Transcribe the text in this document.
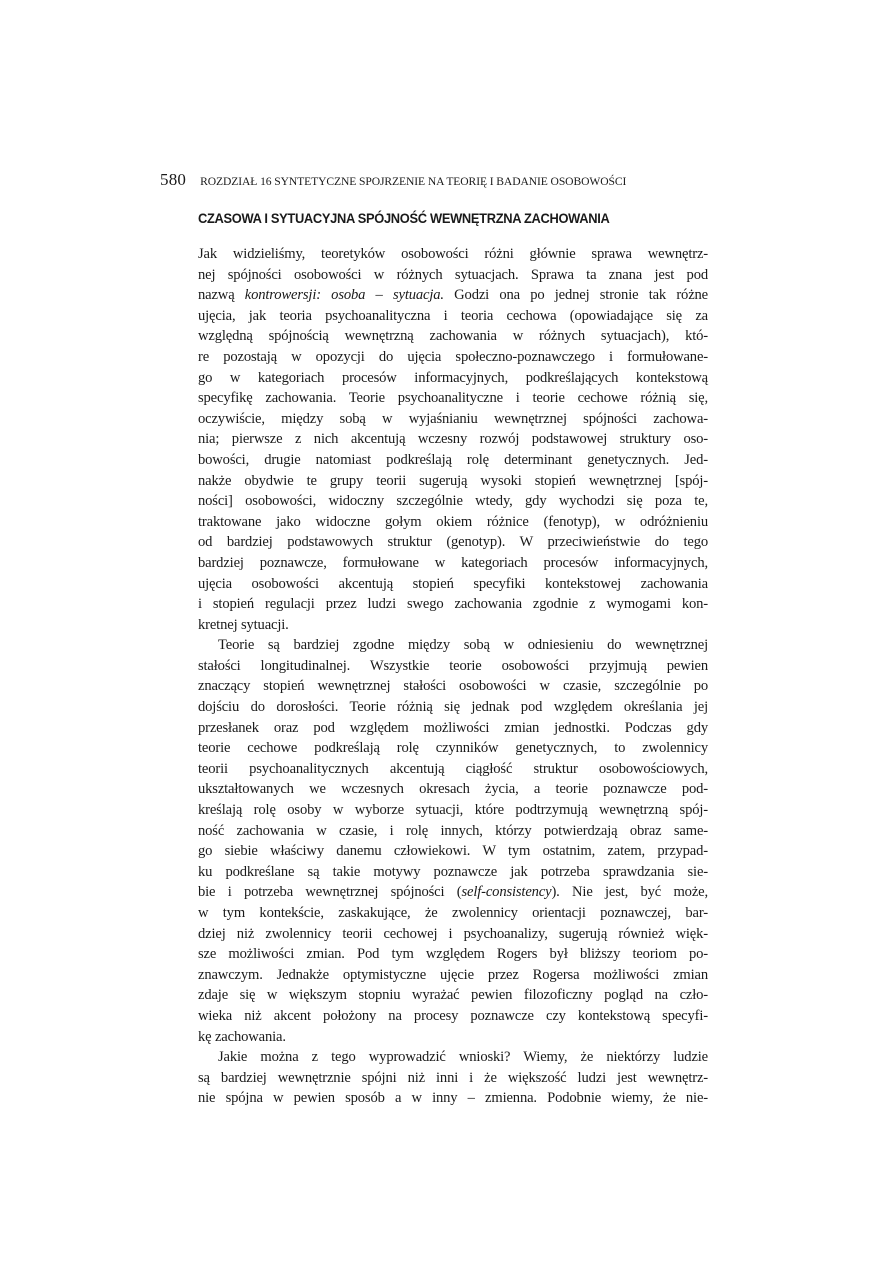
580 ROZDZIAŁ 16 SYNTETYCZNE SPOJRZENIE NA TEORIĘ I BADANIE OSOBOWOŚCI
CZASOWA I SYTUACYJNA SPÓJNOŚĆ WEWNĘTRZNA ZACHOWANIA
Jak widzieliśmy, teoretyków osobowości różni głównie sprawa wewnętrz-
nej spójności osobowości w różnych sytuacjach. Sprawa ta znana jest pod
nazwą kontrowersji: osoba – sytuacja. Godzi ona po jednej stronie tak różne
ujęcia, jak teoria psychoanalityczna i teoria cechowa (opowiadające się za
względną spójnością wewnętrzną zachowania w różnych sytuacjach), któ-
re pozostają w opozycji do ujęcia społeczno-poznawczego i formułowane-
go w kategoriach procesów informacyjnych, podkreślających kontekstową
specyfikę zachowania. Teorie psychoanalityczne i teorie cechowe różnią się,
oczywiście, między sobą w wyjaśnianiu wewnętrznej spójności zachowa-
nia; pierwsze z nich akcentują wczesny rozwój podstawowej struktury oso-
bowości, drugie natomiast podkreślają rolę determinant genetycznych. Jed-
nakże obydwie te grupy teorii sugerują wysoki stopień wewnętrznej [spój-
ności] osobowości, widoczny szczególnie wtedy, gdy wychodzi się poza te,
traktowane jako widoczne gołym okiem różnice (fenotyp), w odróżnieniu
od bardziej podstawowych struktur (genotyp). W przeciwieństwie do tego
bardziej poznawcze, formułowane w kategoriach procesów informacyjnych,
ujęcia osobowości akcentują stopień specyfiki kontekstowej zachowania
i stopień regulacji przez ludzi swego zachowania zgodnie z wymogami kon-
kretnej sytuacji.
Teorie są bardziej zgodne między sobą w odniesieniu do wewnętrznej
stałości longitudinalnej. Wszystkie teorie osobowości przyjmują pewien
znaczący stopień wewnętrznej stałości osobowości w czasie, szczególnie po
dojściu do dorosłości. Teorie różnią się jednak pod względem określania jej
przesłanek oraz pod względem możliwości zmian jednostki. Podczas gdy
teorie cechowe podkreślają rolę czynników genetycznych, to zwolennicy
teorii psychoanalitycznych akcentują ciągłość struktur osobowościowych,
ukształtowanych we wczesnych okresach życia, a teorie poznawcze pod-
kreślają rolę osoby w wyborze sytuacji, które podtrzymują wewnętrzną spój-
ność zachowania w czasie, i rolę innych, którzy potwierdzają obraz same-
go siebie właściwy danemu człowiekowi. W tym ostatnim, zatem, przypad-
ku podkreślane są takie motywy poznawcze jak potrzeba sprawdzania sie-
bie i potrzeba wewnętrznej spójności (self-consistency). Nie jest, być może,
w tym kontekście, zaskakujące, że zwolennicy orientacji poznawczej, bar-
dziej niż zwolennicy teorii cechowej i psychoanalizy, sugerują również więk-
sze możliwości zmian. Pod tym względem Rogers był bliższy teoriom po-
znawczym. Jednakże optymistyczne ujęcie przez Rogersa możliwości zmian
zdaje się w większym stopniu wyrażać pewien filozoficzny pogląd na czło-
wieka niż akcent położony na procesy poznawcze czy kontekstową specyfi-
kę zachowania.
Jakie można z tego wyprowadzić wnioski? Wiemy, że niektórzy ludzie
są bardziej wewnętrznie spójni niż inni i że większość ludzi jest wewnętrz-
nie spójna w pewien sposób a w inny – zmienna. Podobnie wiemy, że nie-
